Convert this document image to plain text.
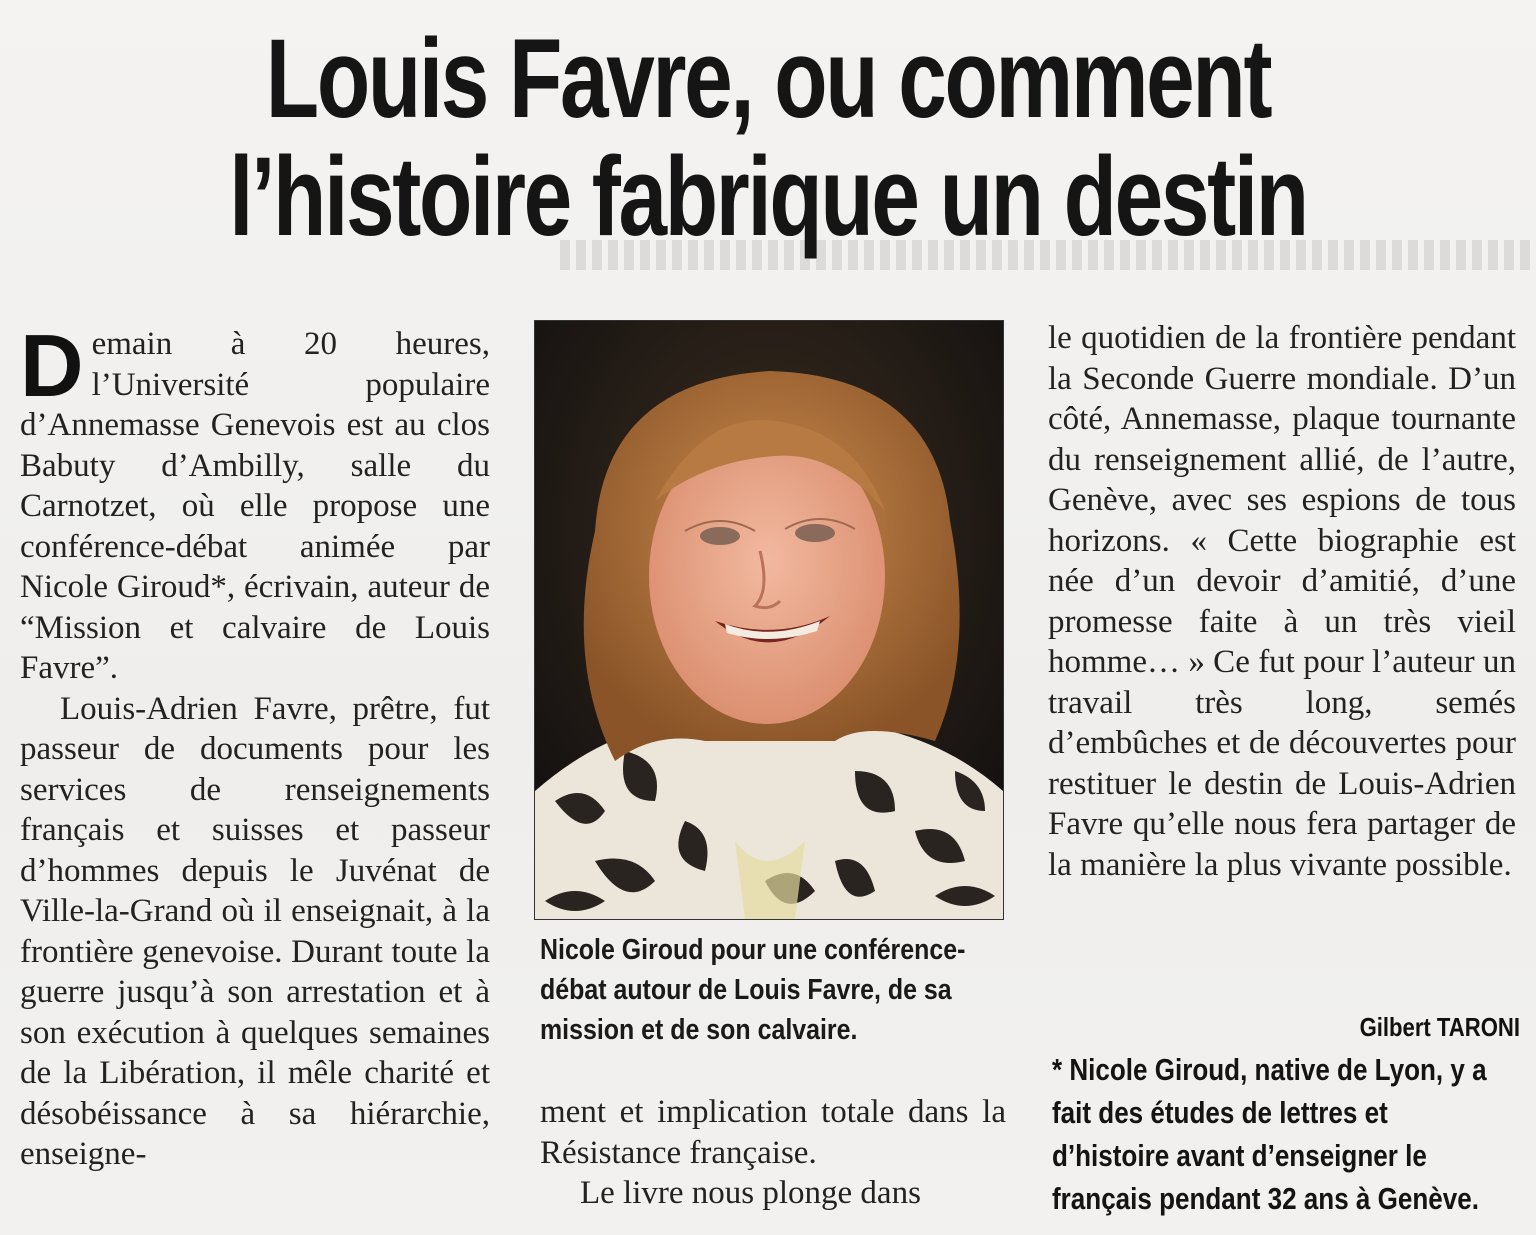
Louis Favre, ou comment
l’histoire fabrique un destin

Demain à 20 heures, l’Université populaire d’Annemasse Genevois est au clos Babuty d’Ambilly, salle du Carnotzet, où elle propose une conférence-débat animée par Nicole Giroud*, écrivain, auteur de “Mission et calvaire de Louis Favre”.

Louis-Adrien Favre, prêtre, fut passeur de documents pour les services de renseignements français et suisses et passeur d’hommes depuis le Juvénat de Ville-la-Grand où il enseignait, à la frontière genevoise. Durant toute la guerre jusqu’à son arrestation et à son exécution à quelques semaines de la Libération, il mêle charité et désobéissance à sa hiérarchie, enseigne-

Nicole Giroud pour une conférence-débat autour de Louis Favre, de sa mission et de son calvaire.

ment et implication totale dans la Résistance française.

Le livre nous plonge dans

le quotidien de la frontière pendant la Seconde Guerre mondiale. D’un côté, Annemasse, plaque tournante du renseignement allié, de l’autre, Genève, avec ses espions de tous horizons. « Cette biographie est née d’un devoir d’amitié, d’une promesse faite à un très vieil homme… » Ce fut pour l’auteur un travail très long, semés d’embûches et de découvertes pour restituer le destin de Louis-Adrien Favre qu’elle nous fera partager de la manière la plus vivante possible.

Gilbert TARONI
* Nicole Giroud, native de Lyon, y a
fait des études de lettres et
d’histoire avant d’enseigner le
français pendant 32 ans à Genève.
